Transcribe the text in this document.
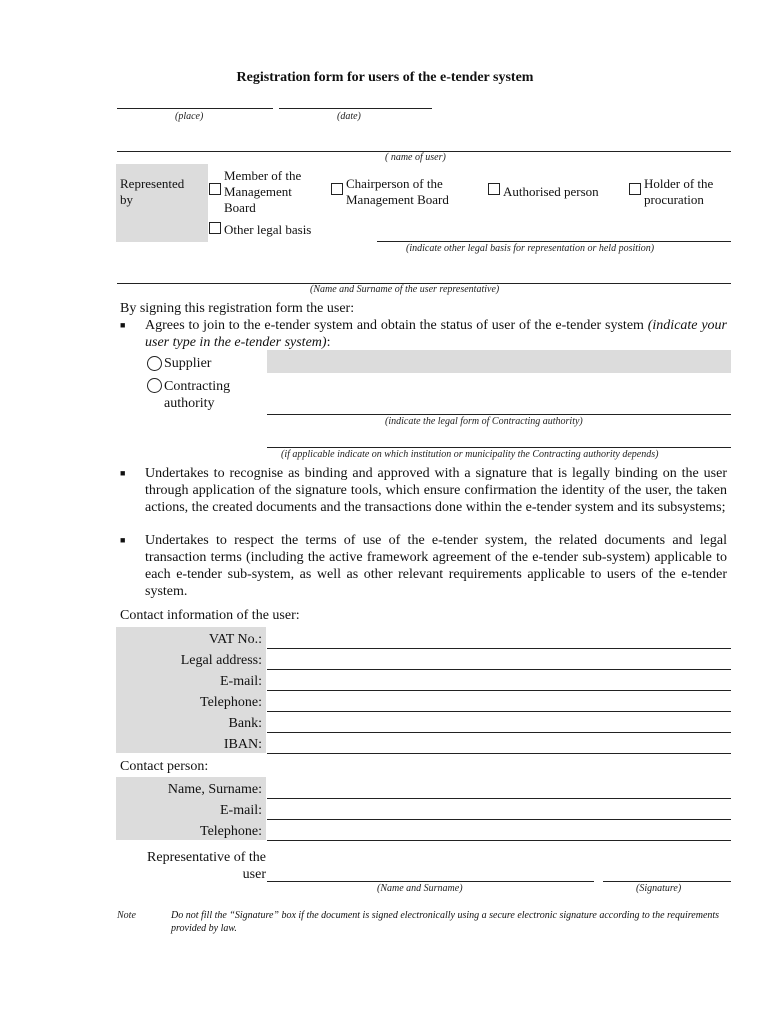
Registration form for users of the e-tender system
(place)	(date)
( name of user)
Represented by
Member of the Management Board
Chairperson of the Management Board
Authorised person
Holder of the procuration
Other legal basis
(indicate other legal basis for representation or held position)
(Name and Surname of the user representative)
By signing this registration form the user:
■ Agrees to join to the e-tender system and obtain the status of user of the e-tender system (indicate your user type in the e-tender system):
Supplier
Contracting authority
(indicate the legal form of Contracting authority)
(if applicable indicate on which institution or municipality the Contracting authority depends)
■ Undertakes to recognise as binding and approved with a signature that is legally binding on the user through application of the signature tools, which ensure confirmation the identity of the user, the taken actions, the created documents and the transactions done within the e-tender system and its subsystems;
■ Undertakes to respect the terms of use of the e-tender system, the related documents and legal transaction terms (including the active framework agreement of the e-tender sub-system) applicable to each e-tender sub-system, as well as other relevant requirements applicable to users of the e-tender system.
Contact information of the user:
VAT No.:
Legal address:
E-mail:
Telephone:
Bank:
IBAN:
Contact person:
Name, Surname:
E-mail:
Telephone:
Representative of the user
(Name and Surname)	(Signature)
Note	Do not fill the “Signature” box if the document is signed electronically using a secure electronic signature according to the requirements provided by law.
